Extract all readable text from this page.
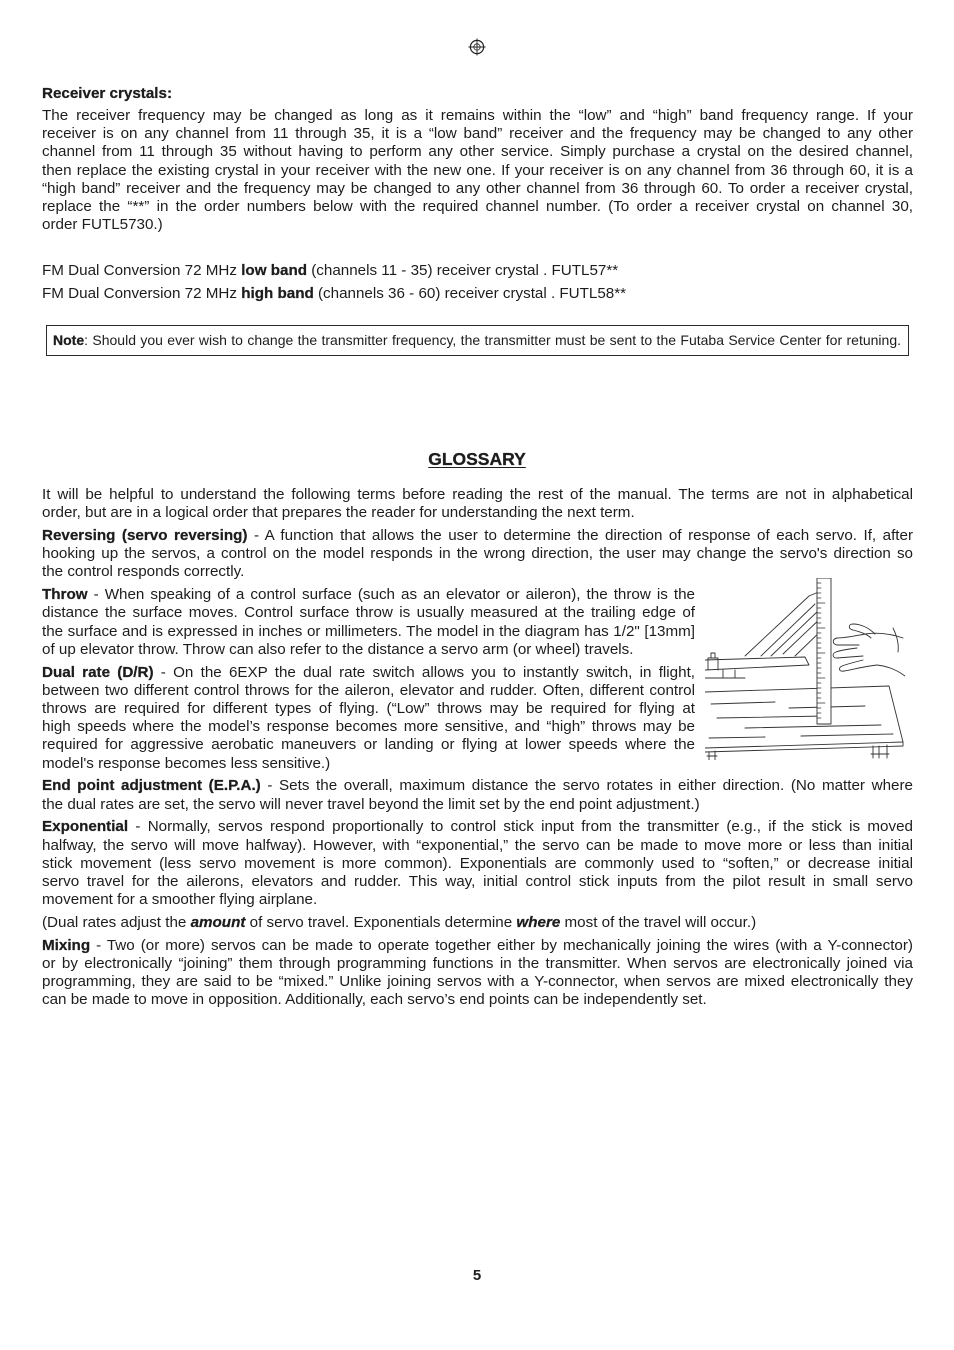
Receiver crystals:
The receiver frequency may be changed as long as it remains within the “low” and “high” band frequency range. If your
receiver is on any channel from 11 through 35, it is a “low band” receiver and the frequency may be changed to any other
channel from 11 through 35 without having to perform any other service. Simply purchase a crystal on the desired channel,
then replace the existing crystal in your receiver with the new one. If your receiver is on any channel from 36 through 60, it is a
“high band” receiver and the frequency may be changed to any other channel from 36 through 60. To order a receiver crystal,
replace the “**” in the order numbers below with the required channel number. (To order a receiver crystal on channel 30,
order FUTL5730.)
FM Dual Conversion 72 MHz low band (channels 11 - 35) receiver crystal . FUTL57**
FM Dual Conversion 72 MHz high band (channels 36 - 60) receiver crystal . FUTL58**
Note: Should you ever wish to change the transmitter frequency, the transmitter must be sent to the Futaba Service Center for retuning.
GLOSSARY
It will be helpful to understand the following terms before reading the rest of the manual. The terms are not in alphabetical
order, but are in a logical order that prepares the reader for understanding the next term.
Reversing (servo reversing) - A function that allows the user to determine the direction of response of each servo. If, after
hooking up the servos, a control on the model responds in the wrong direction, the user may change the servo's direction so
the control responds correctly.
Throw - When speaking of a control surface (such as an elevator or aileron), the throw is the
distance the surface moves. Control surface throw is usually measured at the trailing edge of
the surface and is expressed in inches or millimeters. The model in the diagram has 1/2" [13mm]
of up elevator throw. Throw can also refer to the distance a servo arm (or wheel) travels.
Dual rate (D/R) - On the 6EXP the dual rate switch allows you to instantly switch, in flight,
between two different control throws for the aileron, elevator and rudder. Often, different control
throws are required for different types of flying. (“Low” throws may be required for flying at
high speeds where the model’s response becomes more sensitive, and “high” throws may be
required for aggressive aerobatic maneuvers or landing or flying at lower speeds where the
model's response becomes less sensitive.)
End point adjustment (E.P.A.) - Sets the overall, maximum distance the servo rotates in either direction. (No matter where
the dual rates are set, the servo will never travel beyond the limit set by the end point adjustment.)
Exponential - Normally, servos respond proportionally to control stick input from the transmitter (e.g., if the stick is moved
halfway, the servo will move halfway). However, with “exponential,” the servo can be made to move more or less than initial
stick movement (less servo movement is more common). Exponentials are commonly used to “soften,” or decrease initial
servo travel for the ailerons, elevators and rudder. This way, initial control stick inputs from the pilot result in small servo
movement for a smoother flying airplane.
(Dual rates adjust the amount of servo travel. Exponentials determine where most of the travel will occur.)
Mixing - Two (or more) servos can be made to operate together either by mechanically joining the wires (with a Y-connector)
or by electronically “joining” them through programming functions in the transmitter. When servos are electronically joined via
programming, they are said to be “mixed.” Unlike joining servos with a Y-connector, when servos are mixed electronically they
can be made to move in opposition. Additionally, each servo’s end points can be independently set.
5
